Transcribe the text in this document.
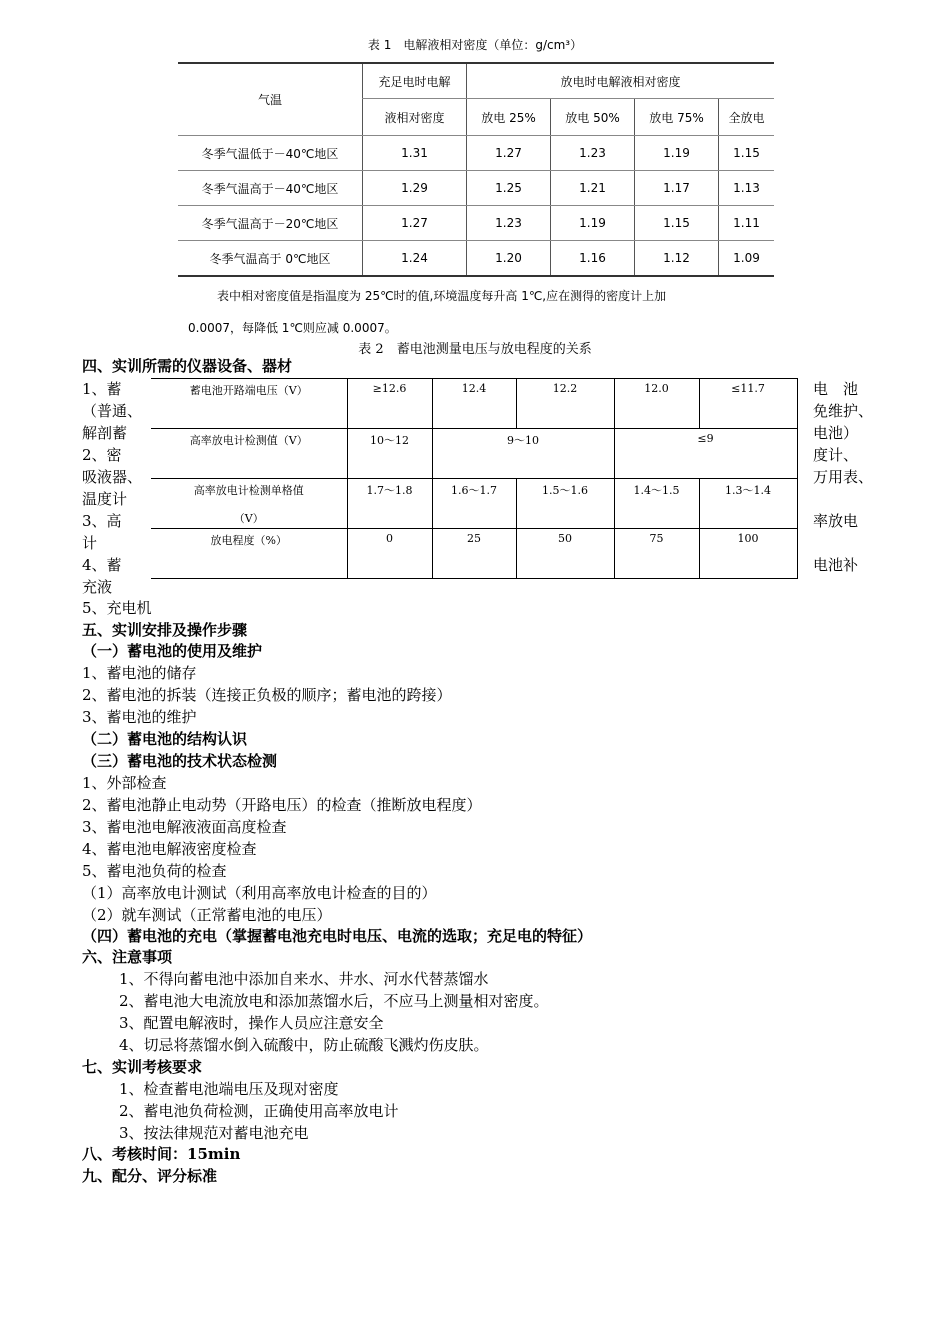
表 1　电解液相对密度（单位：g/cm³）
气温	充足电时电解	放电时电解液相对密度			
	液相对密度	放电 25%	放电 50%	放电 75%	全放电
冬季气温低于－40℃地区	1.31	1.27	1.23	1.19	1.15
冬季气温高于－40℃地区	1.29	1.25	1.21	1.17	1.13
冬季气温高于－20℃地区	1.27	1.23	1.19	1.15	1.11
冬季气温高于 0℃地区	1.24	1.20	1.16	1.12	1.09
表中相对密度值是指温度为 25℃时的值,环境温度每升高 1℃,应在测得的密度计上加
0.0007，每降低 1℃则应减 0.0007。
表 2　蓄电池测量电压与放电程度的关系
四、实训所需的仪器设备、器材
1、蓄
（普通、
解剖蓄
2、密
吸液器、
温度计
3、高
计
4、蓄
充液
电　池
免维护、
电池）
度计、
万用表、
率放电
电池补
蓄电池开路端电压（V）	≥12.6	12.4	12.2	12.0	≤11.7
高率放电计检测值（V）	10～12	9～10		≤9	

高率放电计检测单格值
（V）	1.7～1.8	1.6～1.7	1.5～1.6	1.4～1.5	1.3～1.4
放电程度（%）	0	25	50	75	100
5、充电机
五、实训安排及操作步骤
（一）蓄电池的使用及维护
1、蓄电池的储存
2、蓄电池的拆装（连接正负极的顺序；蓄电池的跨接）
3、蓄电池的维护
（二）蓄电池的结构认识
（三）蓄电池的技术状态检测
1、外部检查
2、蓄电池静止电动势（开路电压）的检查（推断放电程度）
3、蓄电池电解液液面高度检查
4、蓄电池电解液密度检查
5、蓄电池负荷的检查
（1）高率放电计测试（利用高率放电计检查的目的）
（2）就车测试（正常蓄电池的电压）
（四）蓄电池的充电（掌握蓄电池充电时电压、电流的选取；充足电的特征）
六、注意事项
1、不得向蓄电池中添加自来水、井水、河水代替蒸馏水
2、蓄电池大电流放电和添加蒸馏水后，不应马上测量相对密度。
3、配置电解液时，操作人员应注意安全
4、切忌将蒸馏水倒入硫酸中，防止硫酸飞溅灼伤皮肤。
七、实训考核要求
1、检查蓄电池端电压及现对密度
2、蓄电池负荷检测，正确使用高率放电计
3、按法律规范对蓄电池充电
八、考核时间：15min
九、配分、评分标准
